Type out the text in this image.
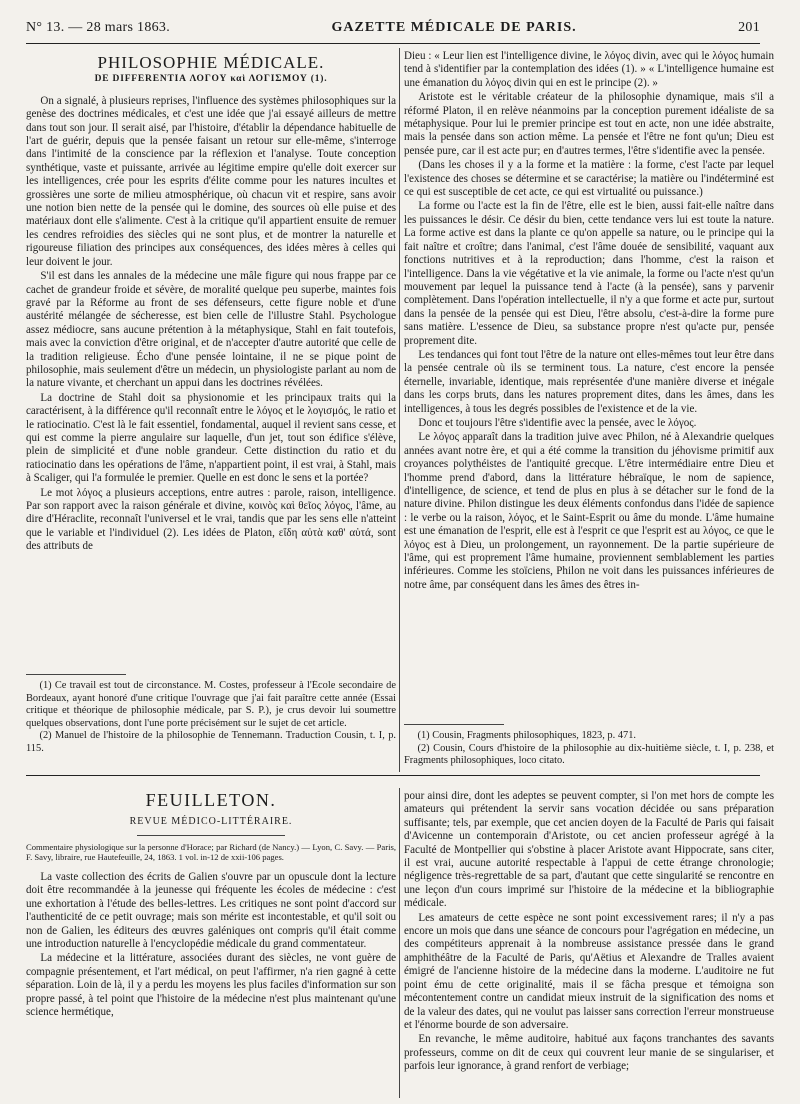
N° 13. — 28 mars 1863.	GAZETTE MÉDICALE DE PARIS.	201
PHILOSOPHIE MÉDICALE.
DE DIFFERENTIA ΛΟΓΟΥ καὶ ΛΟΓΙΣΜΟΥ (1).

On a signalé, à plusieurs reprises, l'influence des systèmes philosophiques sur la genèse des doctrines médicales, et c'est une idée que j'ai essayé ailleurs de mettre dans tout son jour. Il serait aisé, par l'histoire, d'établir la dépendance habituelle de l'art de guérir, depuis que la pensée faisant un retour sur elle-même, s'interroge dans l'intimité de la conscience par la réflexion et l'analyse. Toute conception synthétique, vaste et puissante, arrivée au légitime empire qu'elle doit exercer sur les intelligences, crée pour les esprits d'élite comme pour les natures incultes et grossières une sorte de milieu atmosphérique, où chacun vit et respire, sans avoir une notion bien nette de la pensée qui le domine, des sources où elle puise et des matériaux dont elle s'alimente. C'est à la critique qu'il appartient ensuite de remuer les cendres refroidies des siècles qui ne sont plus, et de montrer la naturelle et rigoureuse filiation des principes aux conséquences, des idées mères à celles qui leur doivent le jour.

S'il est dans les annales de la médecine une mâle figure qui nous frappe par ce cachet de grandeur froide et sévère, de moralité quelque peu superbe, maintes fois gravé par la Réforme au front de ses défenseurs, cette figure noble et d'une austérité mélangée de sécheresse, est bien celle de l'illustre Stahl. Psychologue assez médiocre, sans aucune prétention à la métaphysique, Stahl en fait toutefois, mais avec la conviction d'être original, et de n'accepter d'autre autorité que celle de la tradition religieuse. Écho d'une pensée lointaine, il ne se pique point de philosophie, mais seulement d'être un médecin, un physiologiste parlant au nom de la nature vivante, et cherchant un appui dans les doctrines révélées.

La doctrine de Stahl doit sa physionomie et les principaux traits qui la caractérisent, à la différence qu'il reconnaît entre le λόγος et le λογισμός, le ratio et le ratiocinatio. C'est là le fait essentiel, fondamental, auquel il revient sans cesse, et qui est comme la pierre angulaire sur laquelle, d'un jet, tout son édifice s'élève, plein de simplicité et d'une noble grandeur. Cette distinction du ratio et du ratiocinatio dans les opérations de l'âme, n'appartient point, il est vrai, à Stahl, mais à Scaliger, qui l'a formulée le premier. Quelle en est donc le sens et la portée?

Le mot λόγος a plusieurs acceptions, entre autres : parole, raison, intelligence. Par son rapport avec la raison générale et divine, κοινὸς καὶ θεῖος λόγος, l'âme, au dire d'Héraclite, reconnaît l'universel et le vrai, tandis que par les sens elle n'atteint que le variable et l'individuel (2). Les idées de Platon, εἴδη αὐτὰ καθ' αὑτά, sont des attributs de

Dieu : « Leur lien est l'intelligence divine, le λόγος divin, avec qui le λόγος humain tend à s'identifier par la contemplation des idées (1). » « L'intelligence humaine est une émanation du λόγος divin qui en est le principe (2). »

Aristote est le véritable créateur de la philosophie dynamique, mais s'il a réformé Platon, il en relève néanmoins par la conception purement idéaliste de sa métaphysique. Pour lui le premier principe est tout en acte, non une idée abstraite, mais la pensée dans son action même. La pensée et l'être ne font qu'un; Dieu est pensée pure, car il est acte pur; en d'autres termes, l'être s'identifie avec la pensée.

(Dans les choses il y a la forme et la matière : la forme, c'est l'acte par lequel l'existence des choses se détermine et se caractérise; la matière ou l'indéterminé est ce qui est susceptible de cet acte, ce qui est virtualité ou puissance.)

La forme ou l'acte est la fin de l'être, elle est le bien, aussi fait-elle naître dans les puissances le désir. Ce désir du bien, cette tendance vers lui est toute la nature. La forme active est dans la plante ce qu'on appelle sa nature, ou le principe qui la fait naître et croître; dans l'animal, c'est l'âme douée de sensibilité, vaquant aux fonctions nutritives et à la reproduction; dans l'homme, c'est la raison et l'intelligence. Dans la vie végétative et la vie animale, la forme ou l'acte n'est qu'un mouvement par lequel la puissance tend à l'acte (à la pensée), sans y parvenir complètement. Dans l'opération intellectuelle, il n'y a que forme et acte pur, surtout dans la pensée de la pensée qui est Dieu, l'être absolu, c'est-à-dire la forme pure sans matière. L'essence de Dieu, sa substance propre n'est qu'acte pur, pensée proprement dite.

Les tendances qui font tout l'être de la nature ont elles-mêmes tout leur être dans la pensée centrale où ils se terminent tous. La nature, c'est encore la pensée éternelle, invariable, identique, mais représentée d'une manière diverse et inégale dans les corps bruts, dans les natures proprement dites, dans les âmes, dans les intelligences, à tous les degrés possibles de l'existence et de la vie.

Donc et toujours l'être s'identifie avec la pensée, avec le λόγος.

Le λόγος apparaît dans la tradition juive avec Philon, né à Alexandrie quelques années avant notre ère, et qui a été comme la transition du jéhovisme primitif aux croyances polythéistes de l'antiquité grecque. L'être intermédiaire entre Dieu et l'homme prend d'abord, dans la littérature hébraïque, le nom de sapience, d'intelligence, de science, et tend de plus en plus à se détacher sur le fond de la nature divine. Philon distingue les deux éléments confondus dans l'idée de sapience : le verbe ou la raison, λόγος, et le Saint-Esprit ou âme du monde. L'âme humaine est une émanation de l'esprit, elle est à l'esprit ce que l'esprit est au λόγος, ce que le λόγος est à Dieu, un prolongement, un rayonnement. De la partie supérieure de l'âme, qui est proprement l'âme humaine, proviennent semblablement les parties inférieures. Comme les stoïciens, Philon ne voit dans les puissances inférieures de notre âme, par conséquent dans les âmes des êtres in-

(1) Ce travail est tout de circonstance. M. Costes, professeur à l'École secondaire de Bordeaux, ayant honoré d'une critique l'ouvrage que j'ai fait paraître cette année (Essai critique et théorique de philosophie médicale, par S. P.), je crus devoir lui soumettre quelques observations, dont l'une porte précisément sur le sujet de cet article.

(2) Manuel de l'histoire de la philosophie de Tennemann. Traduction Cousin, t. I, p. 115.

(1) Cousin, Fragments philosophiques, 1823, p. 471.

(2) Cousin, Cours d'histoire de la philosophie au dix-huitième siècle, t. I, p. 238, et Fragments philosophiques, loco citato.

FEUILLETON.
REVUE MÉDICO-LITTÉRAIRE.

Commentaire physiologique sur la personne d'Horace; par Richard (de Nancy.) — Lyon, C. Savy. — Paris, F. Savy, libraire, rue Hautefeuille, 24, 1863. 1 vol. in-12 de xxii-106 pages.

La vaste collection des écrits de Galien s'ouvre par un opuscule dont la lecture doit être recommandée à la jeunesse qui fréquente les écoles de médecine : c'est une exhortation à l'étude des belles-lettres. Les critiques ne sont point d'accord sur l'authenticité de ce petit ouvrage; mais son mérite est incontestable, et qu'il soit ou non de Galien, les éditeurs des œuvres galéniques ont compris qu'il était comme une introduction naturelle à l'encyclopédie médicale du grand commentateur.

La médecine et la littérature, associées durant des siècles, ne vont guère de compagnie présentement, et l'art médical, on peut l'affirmer, n'a rien gagné à cette séparation. Loin de là, il y a perdu les moyens les plus faciles d'information sur son propre passé, à tel point que l'histoire de la médecine n'est plus maintenant qu'une science hermétique,

pour ainsi dire, dont les adeptes se peuvent compter, si l'on met hors de compte les amateurs qui prétendent la servir sans vocation décidée ou sans préparation suffisante; tels, par exemple, que cet ancien doyen de la Faculté de Paris qui faisait d'Avicenne un contemporain d'Aristote, ou cet ancien professeur agrégé à la Faculté de Montpellier qui s'obstine à placer Aristote avant Hippocrate, sans citer, il est vrai, aucune autorité respectable à l'appui de cette étrange chronologie; négligence très-regrettable de sa part, d'autant que cette singularité se rencontre en une leçon d'un cours imprimé sur l'histoire de la médecine et la bibliographie médicale.

Les amateurs de cette espèce ne sont point excessivement rares; il n'y a pas encore un mois que dans une séance de concours pour l'agrégation en médecine, un des compétiteurs apprenait à la nombreuse assistance pressée dans le grand amphithéâtre de la Faculté de Paris, qu'Aëtius et Alexandre de Tralles avaient émigré de l'ancienne histoire de la médecine dans la moderne. L'auditoire ne fut point ému de cette originalité, mais il se fâcha presque et témoigna son mécontentement contre un candidat mieux instruit de la signification des noms et de la valeur des dates, qui ne voulut pas laisser sans correction l'erreur monstrueuse et l'énorme bourde de son adversaire.

En revanche, le même auditoire, habitué aux façons tranchantes des savants professeurs, comme on dit de ceux qui couvrent leur manie de se singulariser, et parfois leur ignorance, à grand renfort de verbiage;
